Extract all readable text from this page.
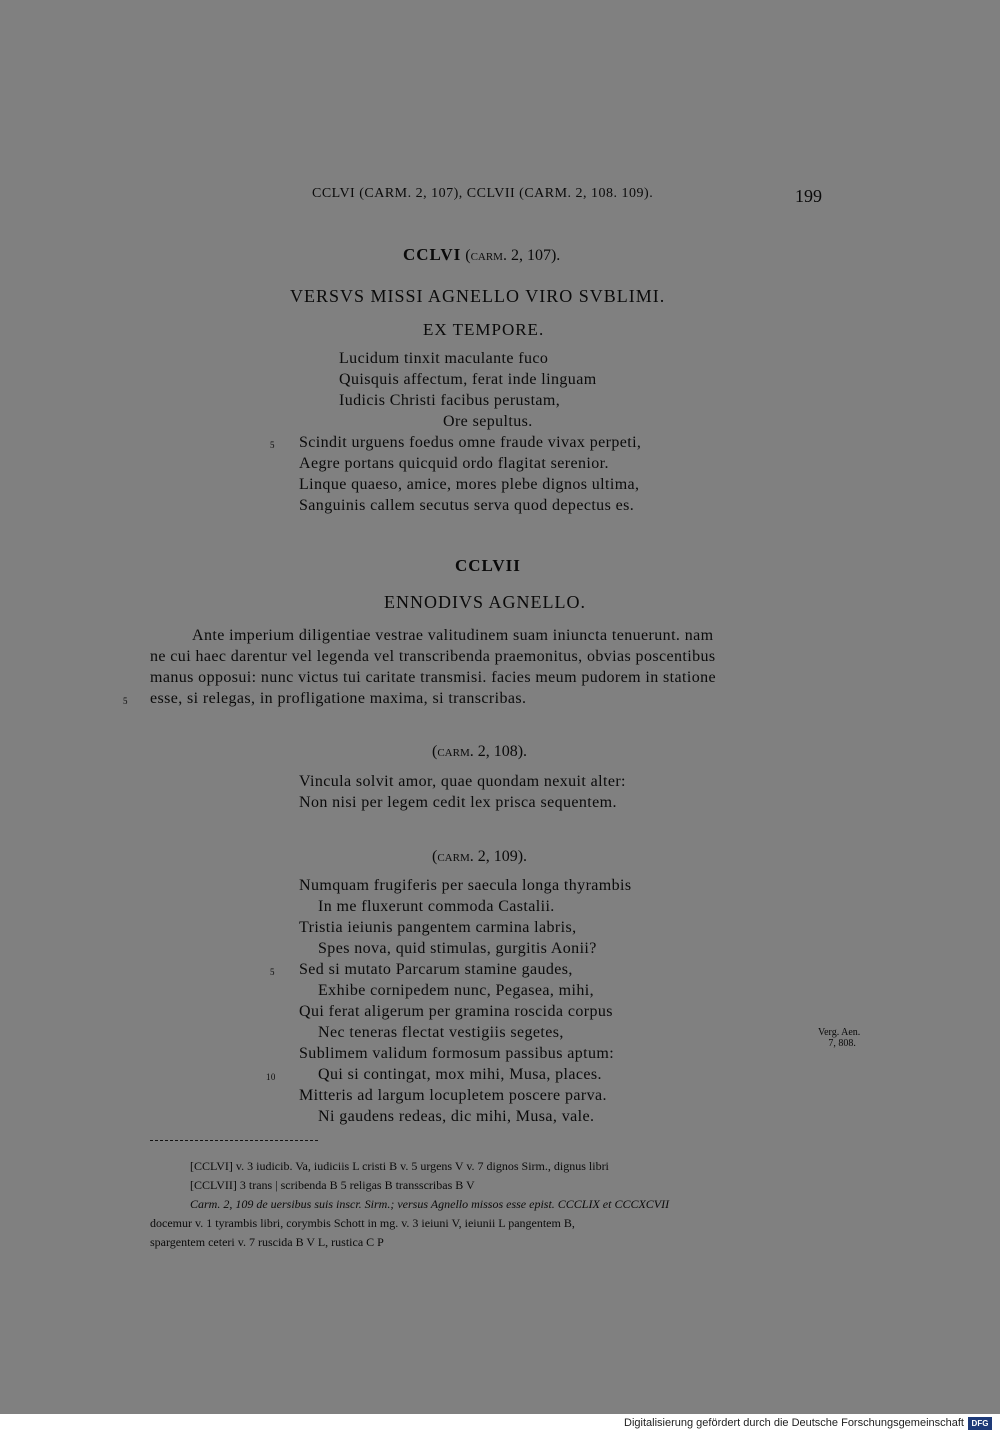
CCLVI (CARM. 2, 107), CCLVII (CARM. 2, 108. 109).	199
CCLVI (carm. 2, 107).
VERSVS MISSI AGNELLO VIRO SVBLIMI.
EX TEMPORE.
Lucidum tinxit maculante fuco
Quisquis affectum, ferat inde linguam
Iudicis Christi facibus perustam,
Ore sepultus.
5 Scindit urguens foedus omne fraude vivax perpeti,
Aegre portans quicquid ordo flagitat serenior.
Linque quaeso, amice, mores plebe dignos ultima,
Sanguinis callem secutus serva quod depectus es.
CCLVII
ENNODIVS AGNELLO.
Ante imperium diligentiae vestrae valitudinem suam iniuncta tenuerunt. nam
ne cui haec darentur vel legenda vel transcribenda praemonitus, obvias poscentibus
manus opposui: nunc victus tui caritate transmisi. facies meum pudorem in statione
5 esse, si relegas, in profligatione maxima, si transcribas.
(carm. 2, 108).
Vincula solvit amor, quae quondam nexuit alter:
Non nisi per legem cedit lex prisca sequentem.
(carm. 2, 109).
Numquam frugiferis per saecula longa thyrambis
In me fluxerunt commoda Castalii.
Tristia ieiunis pangentem carmina labris,
Spes nova, quid stimulas, gurgitis Aonii?
5 Sed si mutato Parcarum stamine gaudes,
Exhibe cornipedem nunc, Pegasea, mihi,
Qui ferat aligerum per gramina roscida corpus
Nec teneras flectat vestigiis segetes,
Sublimem validum formosum passibus aptum:
10	Qui si contingat, mox mihi, Musa, places.
Mitteris ad largum locupletem poscere parva.
Ni gaudens redeas, dic mihi, Musa, vale.
Verg. Aen.
7, 808.
[CCLVI] v. 3 iudicib. Va, iudiciis L cristi B v. 5 urgens V v. 7 dignos Sirm., dignus libri
[CCLVII] 3 trans | scribenda B 5 religas B transscribas B V
Carm. 2, 109 de uersibus suis inscr. Sirm.; versus Agnello missos esse epist. CCCLIX et CCCXCVII
docemur v. 1 tyrambis libri, corymbis Schott in mg. v. 3 ieiuni V, ieiunii L pangentem B,
spargentem ceteri v. 7 ruscida B V L, rustica C P
Digitalisierung gefördert durch die Deutsche Forschungsgemeinschaft DFG
